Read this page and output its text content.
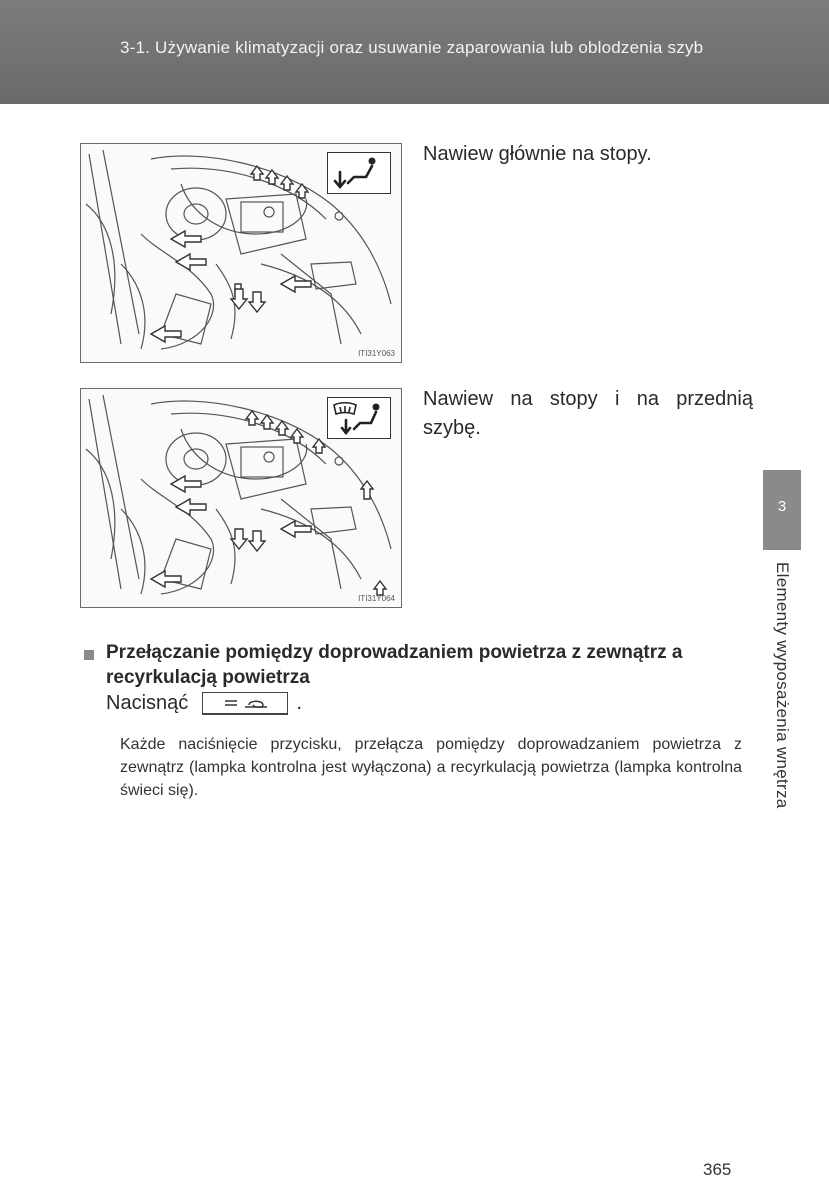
3-1. Używanie klimatyzacji oraz usuwanie zaparowania lub oblodzenia szyb
ITI31Y063
Nawiew głównie na stopy.
ITI31Y064
Nawiew na stopy i na przednią szybę.
Przełączanie pomiędzy doprowadzaniem powietrza z zewnątrz a recyrkulacją powietrza
Nacisnąć	.
Każde naciśnięcie przycisku, przełącza pomiędzy doprowadzaniem powietrza z zewnątrz (lampka kontrolna jest wyłączona) a recyrkulacją powietrza (lampka kontrolna świeci się).
3
Elementy wyposażenia wnętrza
365
